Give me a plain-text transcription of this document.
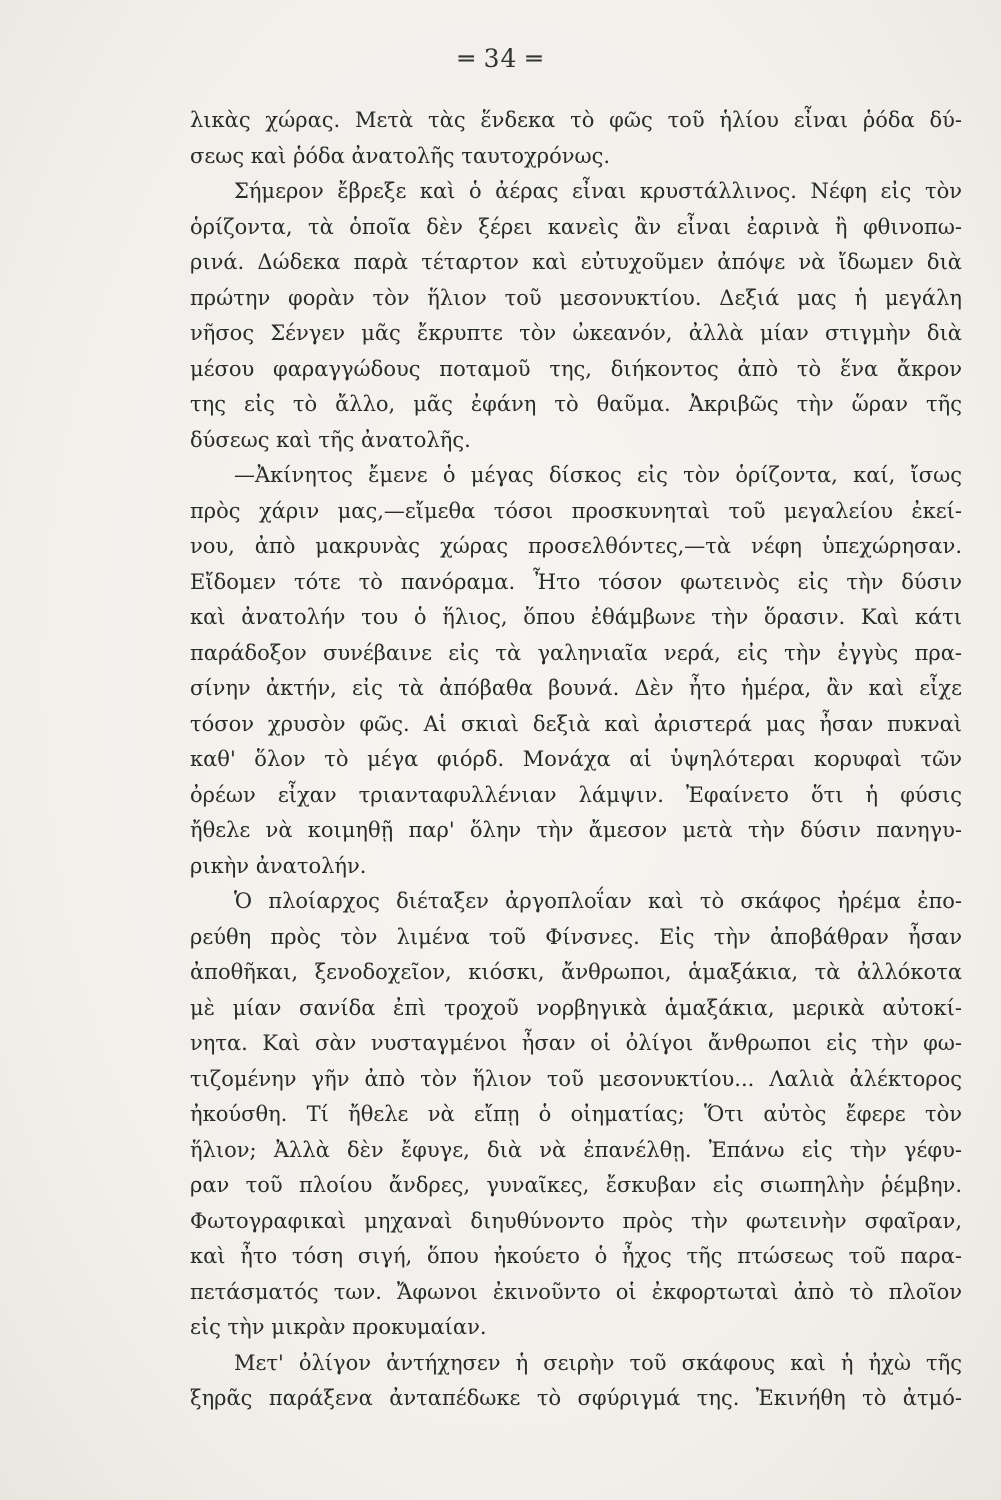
═ 34 ═
λικὰς χώρας. Μετὰ τὰς ἕνδεκα τὸ φῶς τοῦ ἡλίου εἶναι ῥόδα δύ-
σεως καὶ ῥόδα ἀνατολῆς ταυτοχρόνως.
Σήμερον ἔβρεξε καὶ ὁ ἀέρας εἶναι κρυστάλλινος. Νέφη εἰς τὸν
ὁρίζοντα, τὰ ὁποῖα δὲν ξέρει κανεὶς ἂν εἶναι ἐαρινὰ ἢ φθινοπω-
ρινά. Δώδεκα παρὰ τέταρτον καὶ εὐτυχοῦμεν ἀπόψε νὰ ἴδωμεν διὰ
πρώτην φορὰν τὸν ἥλιον τοῦ μεσονυκτίου. Δεξιά μας ἡ μεγάλη
νῆσος Σένγεν μᾶς ἔκρυπτε τὸν ὠκεανόν, ἀλλὰ μίαν στιγμὴν διὰ
μέσου φαραγγώδους ποταμοῦ της, διήκοντος ἀπὸ τὸ ἕνα ἄκρον
της εἰς τὸ ἄλλο, μᾶς ἐφάνη τὸ θαῦμα. Ἀκριβῶς τὴν ὥραν τῆς
δύσεως καὶ τῆς ἀνατολῆς.
—Ἀκίνητος ἔμενε ὁ μέγας δίσκος εἰς τὸν ὁρίζοντα, καί, ἴσως
πρὸς χάριν μας,—εἴμεθα τόσοι προσκυνηταὶ τοῦ μεγαλείου ἐκεί-
νου, ἀπὸ μακρυνὰς χώρας προσελθόντες,—τὰ νέφη ὑπεχώρησαν.
Εἴδομεν τότε τὸ πανόραμα. Ἦτο τόσον φωτεινὸς εἰς τὴν δύσιν
καὶ ἀνατολήν του ὁ ἥλιος, ὅπου ἐθάμβωνε τὴν ὅρασιν. Καὶ κάτι
παράδοξον συνέβαινε εἰς τὰ γαληνιαῖα νερά, εἰς τὴν ἐγγὺς πρα-
σίνην ἀκτήν, εἰς τὰ ἀπόβαθα βουνά. Δὲν ἦτο ἡμέρα, ἂν καὶ εἶχε
τόσον χρυσὸν φῶς. Αἱ σκιαὶ δεξιὰ καὶ ἀριστερά μας ἦσαν πυκναὶ
καθ' ὅλον τὸ μέγα φιόρδ. Μονάχα αἱ ὑψηλότεραι κορυφαὶ τῶν
ὀρέων εἶχαν τριανταφυλλένιαν λάμψιν. Ἐφαίνετο ὅτι ἡ φύσις
ἤθελε νὰ κοιμηθῇ παρ' ὅλην τὴν ἄμεσον μετὰ τὴν δύσιν πανηγυ-
ρικὴν ἀνατολήν.
Ὁ πλοίαρχος διέταξεν ἀργοπλοΐαν καὶ τὸ σκάφος ἠρέμα ἐπο-
ρεύθη πρὸς τὸν λιμένα τοῦ Φίνσνες. Εἰς τὴν ἀποβάθραν ἦσαν
ἀποθῆκαι, ξενοδοχεῖον, κιόσκι, ἄνθρωποι, ἁμαξάκια, τὰ ἀλλόκοτα
μὲ μίαν σανίδα ἐπὶ τροχοῦ νορβηγικὰ ἁμαξάκια, μερικὰ αὐτοκί-
νητα. Καὶ σὰν νυσταγμένοι ἦσαν οἱ ὀλίγοι ἄνθρωποι εἰς τὴν φω-
τιζομένην γῆν ἀπὸ τὸν ἥλιον τοῦ μεσονυκτίου... Λαλιὰ ἀλέκτορος
ἠκούσθη. Τί ἤθελε νὰ εἴπῃ ὁ οἰηματίας; Ὅτι αὐτὸς ἔφερε τὸν
ἥλιον; Ἀλλὰ δὲν ἔφυγε, διὰ νὰ ἐπανέλθῃ. Ἐπάνω εἰς τὴν γέφυ-
ραν τοῦ πλοίου ἄνδρες, γυναῖκες, ἔσκυβαν εἰς σιωπηλὴν ῥέμβην.
Φωτογραφικαὶ μηχαναὶ διηυθύνοντο πρὸς τὴν φωτεινὴν σφαῖραν,
καὶ ἦτο τόση σιγή, ὅπου ἠκούετο ὁ ἦχος τῆς πτώσεως τοῦ παρα-
πετάσματός των. Ἄφωνοι ἐκινοῦντο οἱ ἐκφορτωταὶ ἀπὸ τὸ πλοῖον
εἰς τὴν μικρὰν προκυμαίαν.
Μετ' ὀλίγον ἀντήχησεν ἡ σειρὴν τοῦ σκάφους καὶ ἡ ἠχὼ τῆς
ξηρᾶς παράξενα ἀνταπέδωκε τὸ σφύριγμά της. Ἐκινήθη τὸ ἀτμό-
